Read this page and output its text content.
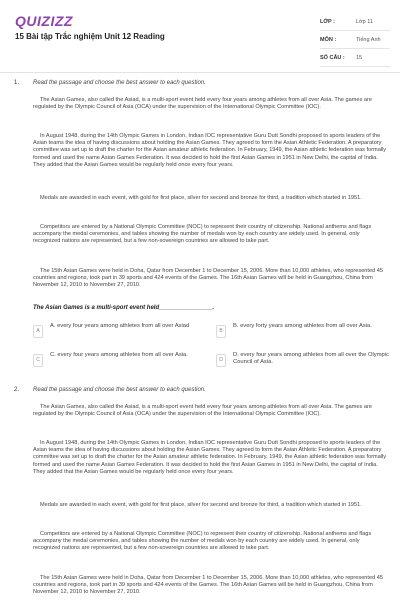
QUIZIZZ
15 Bài tập Trắc nghiệm Unit 12 Reading
LỚP :	Lớp 11
MÔN :	Tiếng Anh
SỐ CÂU :	15
1. Read the passage and choose the best answer to each question.

The Asian Games, also called the Asiad, is a multi-sport event held every four years among athletes from all over Asia. The games are regulated by the Olympic Council of Asia (OCA) under the supervision of the International Olympic Committee (IOC).

In August 1948, during the 14th Olympic Games in London, Indian IOC representative Guru Dutt Sondhi proposed to sports leaders of the Asian teams the idea of having discussions about holding the Asian Games. They agreed to form the Asian Athletic Federation. A preparatory committee was set up to draft the charter for the Asian amateur athletic federation. In February, 1949, the Asian athletic federation was formally formed and used the name Asian Games Federation. It was decided to hold the first Asian Games in 1951 in New Delhi, the capital of India. They added that the Asian Games would be regularly held once every four years.

Medals are awarded in each event, with gold for first place, silver for second and bronze for third, a tradition which started in 1951.

Competitors are entered by a National Olympic Committee (NOC) to represent their country of citizenship. National anthems and flags accompany the medal ceremonies, and tables showing the number of medals won by each country are widely used. In general, only recognized nations are represented, but a few non-sovereign countries are allowed to take part.

The 15th Asian Games were held in Doha, Qatar from December 1 to December 15, 2006. More than 10,000 athletes, who represented 45 countries and regions, took part in 39 sports and 424 events of the Games. The 16th Asian Games will be held in Guangzhou, China from November 12, 2010 to November 27, 2010.

The Asian Games is a multi-sport event held________________.
A
A. every four years among athletes from all over Asiad
B
B. every forty years among athletes from all over Asia.
C
C. every four years among athletes from all over Asia.
D
D. every four years among athletes from all over the Olympic Council of Asia.
2. Read the passage and choose the best answer to each question.

The Asian Games, also called the Asiad, is a multi-sport event held every four years among athletes from all over Asia. The games are regulated by the Olympic Council of Asia (OCA) under the supervision of the International Olympic Committee (IOC).

In August 1948, during the 14th Olympic Games in London, Indian IOC representative Guru Dutt Sondhi proposed to sports leaders of the Asian teams the idea of having discussions about holding the Asian Games. They agreed to form the Asian Athletic Federation. A preparatory committee was set up to draft the charter for the Asian amateur athletic federation. In February, 1949, the Asian athletic federation was formally formed and used the name Asian Games Federation. It was decided to hold the first Asian Games in 1951 in New Delhi, the capital of India. They added that the Asian Games would be regularly held once every four years.

Medals are awarded in each event, with gold for first place, silver for second and bronze for third, a tradition which started in 1951.

Competitors are entered by a National Olympic Committee (NOC) to represent their country of citizenship. National anthems and flags accompany the medal ceremonies, and tables showing the number of medals won by each country are widely used. In general, only recognized nations are represented, but a few non-sovereign countries are allowed to take part.

The 15th Asian Games were held in Doha, Qatar from December 1 to December 15, 2006. More than 10,000 athletes, who represented 45 countries and regions, took part in 39 sports and 424 events of the Games. The 16th Asian Games will be held in Guangzhou, China from November 12, 2010 to November 27, 2010.
